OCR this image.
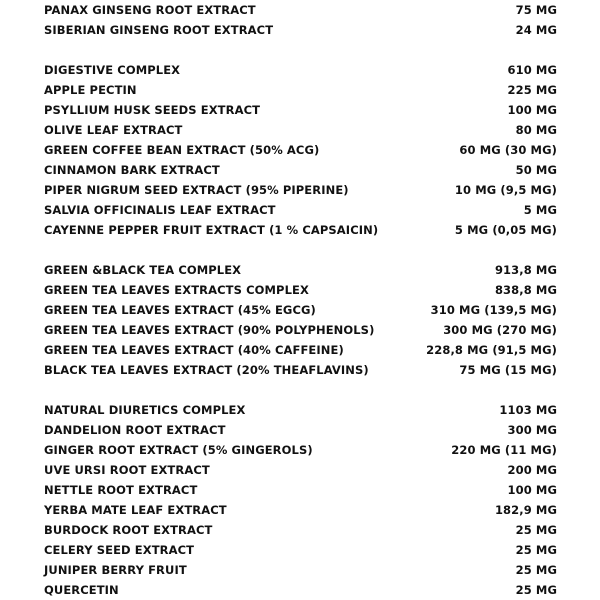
PANAX GINSENG ROOT EXTRACT	75 MG
SIBERIAN GINSENG ROOT EXTRACT	24 MG
DIGESTIVE COMPLEX	610 MG
APPLE PECTIN	225 MG
PSYLLIUM HUSK SEEDS EXTRACT	100 MG
OLIVE LEAF EXTRACT	80 MG
GREEN COFFEE BEAN EXTRACT (50% ACG)	60 MG (30 MG)
CINNAMON BARK EXTRACT	50 MG
PIPER NIGRUM SEED EXTRACT (95% PIPERINE)	10 MG (9,5 MG)
SALVIA OFFICINALIS LEAF EXTRACT	5 MG
CAYENNE PEPPER FRUIT EXTRACT (1 % CAPSAICIN)	5 MG (0,05 MG)
GREEN &BLACK TEA COMPLEX	913,8 MG
GREEN TEA LEAVES EXTRACTS COMPLEX	838,8 MG
GREEN TEA LEAVES EXTRACT (45% EGCG)	310 MG (139,5 MG)
GREEN TEA LEAVES EXTRACT (90% POLYPHENOLS)	300 MG (270 MG)
GREEN TEA LEAVES EXTRACT (40% CAFFEINE)	228,8 MG (91,5 MG)
BLACK TEA LEAVES EXTRACT (20% THEAFLAVINS)	75 MG (15 MG)
NATURAL DIURETICS COMPLEX	1103 MG
DANDELION ROOT EXTRACT	300 MG
GINGER ROOT EXTRACT (5% GINGEROLS)	220 MG (11 MG)
UVE URSI ROOT EXTRACT	200 MG
NETTLE ROOT EXTRACT	100 MG
YERBA MATE LEAF EXTRACT	182,9 MG
BURDOCK ROOT EXTRACT	25 MG
CELERY SEED EXTRACT	25 MG
JUNIPER BERRY FRUIT	25 MG
QUERCETIN	25 MG
